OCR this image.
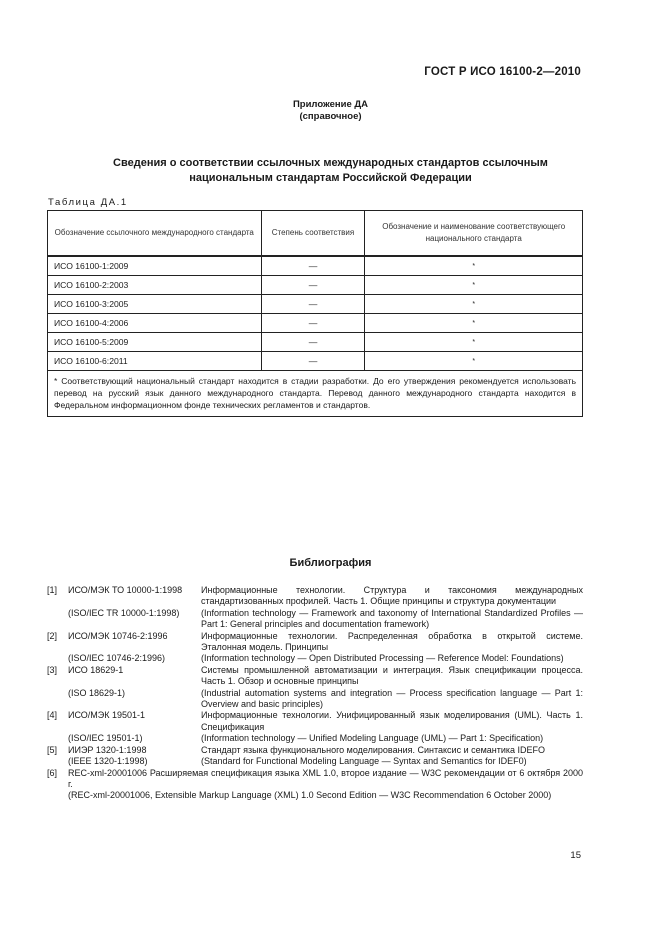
ГОСТ Р ИСО 16100-2—2010
Приложение ДА
(справочное)
Сведения о соответствии ссылочных международных стандартов ссылочным
национальным стандартам Российской Федерации
Таблица ДА.1
Обозначение ссылочного международного стандарта	Степень соответствия	Обозначение и наименование соответствующего национального стандарта
ИСО 16100-1:2009	—	*
ИСО 16100-2:2003	—	*
ИСО 16100-3:2005	—	*
ИСО 16100-4:2006	—	*
ИСО 16100-5:2009	—	*
ИСО 16100-6:2011	—	*
* Соответствующий национальный стандарт находится в стадии разработки. До его утверждения рекомендуется использовать перевод на русский язык данного международного стандарта. Перевод данного международного стандарта находится в Федеральном информационном фонде технических регламентов и стандартов.		
Библиография
[1]	ИСО/МЭК ТО 10000-1:1998	Информационные технологии. Структура и таксономия международных стандартизованных профилей. Часть 1. Общие принципы и структура документации
(ISO/IEC TR 10000-1:1998)	(Information technology — Framework and taxonomy of International Standardized Profiles — Part 1: General principles and documentation framework)
[2]	ИСО/МЭК 10746-2:1996	Информационные технологии. Распределенная обработка в открытой системе. Эталонная модель. Принципы
(ISO/IEC 10746-2:1996)	(Information technology — Open Distributed Processing — Reference Model: Foundations)
[3]	ИСО 18629-1	Системы промышленной автоматизации и интеграция. Язык спецификации процесса. Часть 1. Обзор и основные принципы
(ISO 18629-1)	(Industrial automation systems and integration — Process specification language — Part 1: Overview and basic principles)
[4]	ИСО/МЭК 19501-1	Информационные технологии. Унифицированный язык моделирования (UML). Часть 1. Спецификация
(ISO/IEC 19501-1)	(Information technology — Unified Modeling Language (UML) — Part 1: Specification)
[5]	ИИЭР 1320-1:1998	Стандарт языка функционального моделирования. Синтаксис и семантика IDEFO
(IEEE 1320-1:1998)	(Standard for Functional Modeling Language — Syntax and Semantics for IDEF0)
[6]	REC-xml-20001006 Расширяемая спецификация языка XML 1.0, второе издание — W3C рекомендации от 6 октября 2000 г.
(REC-xml-20001006, Extensible Markup Language (XML) 1.0 Second Edition — W3C Recommendation 6 October 2000)
15
